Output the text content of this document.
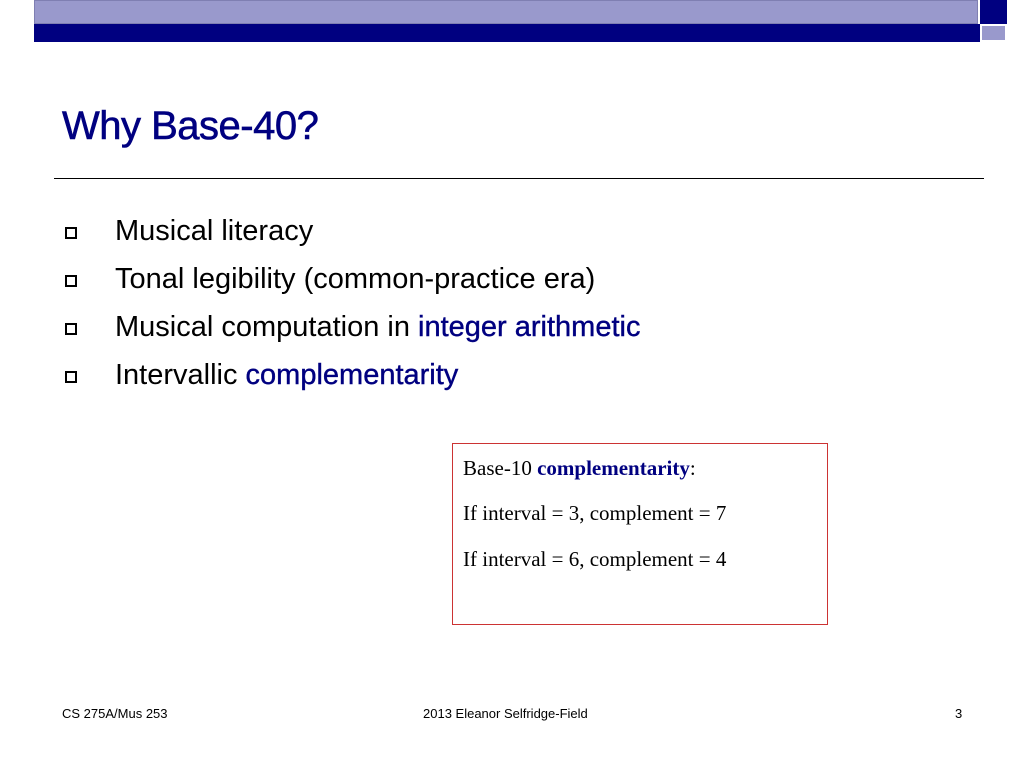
Why Base-40?
Musical literacy
Tonal legibility (common-practice era)
Musical computation in integer arithmetic
Intervallic complementarity
Base-10 complementarity:
If interval = 3, complement = 7
If interval = 6, complement = 4
CS 275A/Mus 253	2013 Eleanor Selfridge-Field	3
